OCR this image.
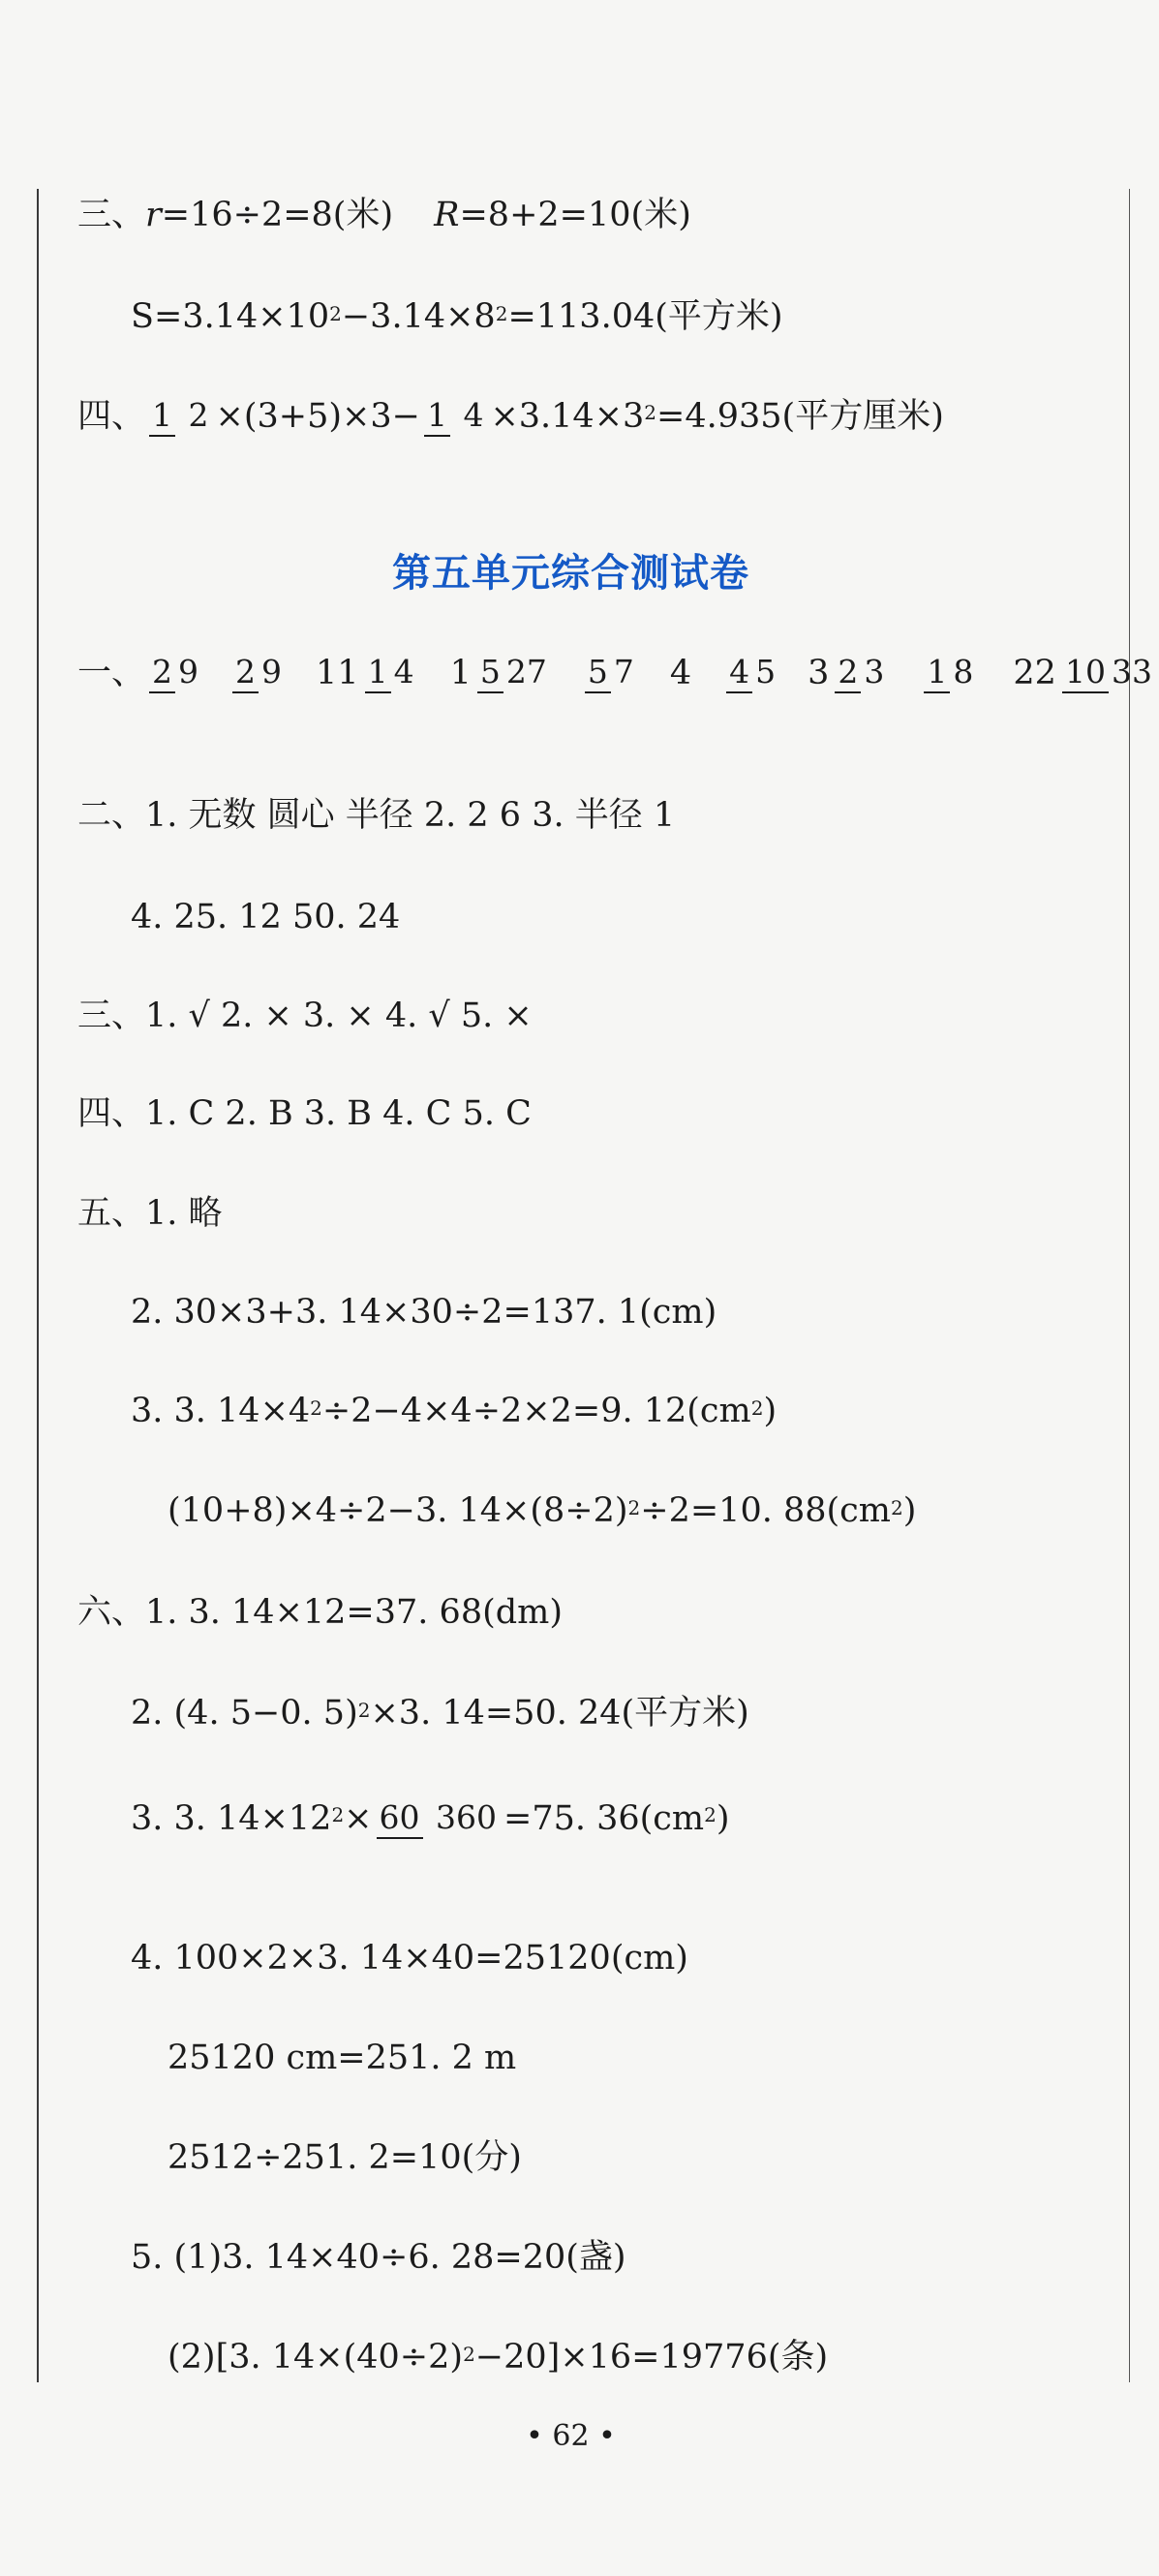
三、 r =16÷2=8(米) R =8+2=10(米)
$S=3.14\times 10^2 -3.14\times 8^2 =113.04$(平方米)
四、 1 2 ×(3+5)×3− 1 $4 \times 3.14\times 3^2 =4.935$(平方厘米)
第五单元综合测试卷
一、 2 9 2 9 11 1 4 1 5 27 5 7 4 4 5 3 2 3 1 8 22 10 33
二、1. 无数 圆心 半径 2. 2 6 3. 半径 1
4. 25. 12 50. 24
三、1. √ 2. × 3. × 4. √ 5. ×
四、1. C 2. B 3. B 4. C 5. C
五、1. 略
2. 30×3+3. 14×30÷2=137. 1(cm)
3. 3. $14\times 4^2 \div 2-4\times 4\div 2\times 2=9$. $12(cm^2$ )
(10+8)×4÷2−3. $14\times(8\div 2)^2 \div 2=10$. $88(cm^2$ )
六、1. 3. 14×12=37. 68(dm)
2. (4. 5−0. 5)$^2$ ×3. 14=50. 24(平方米)
3. 3. $14\times 12^2 \times 60$ 360 =75. $36(cm^2$ )
4. 100×2×3. 14×40=25120(cm)
25120 cm=251. 2 m
2512÷251. 2=10(分)
5. (1)3. 14×40÷6. 28=20(盏)
(2)[3. $14\times(40\div 2)^2 -20]\times 16=19776$(条)
• 62 •
